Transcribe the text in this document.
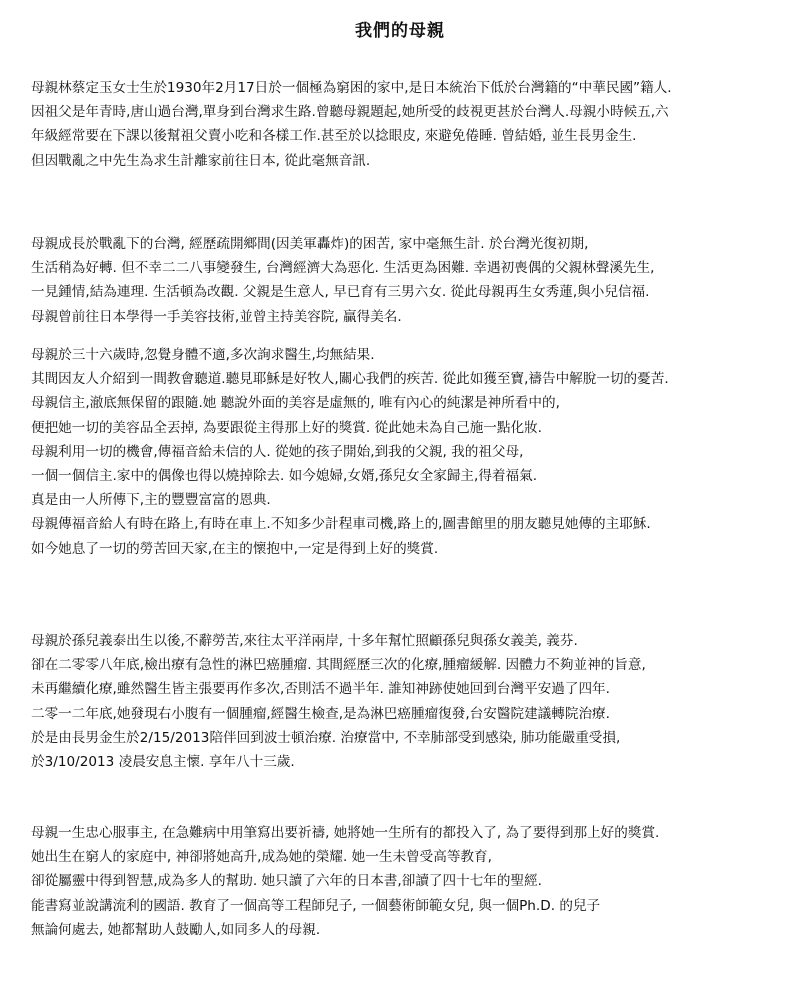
我們的母親
母親林蔡定玉女士生於1930年2月17日於一個極為窮困的家中,是日本統治下低於台灣籍的“中華民國”籍人.
因祖父是年青時,唐山過台灣,單身到台灣求生路.曾聽母親題起,她所受的歧視更甚於台灣人.母親小時候五,六
年級經常要在下課以後幫祖父賣小吃和各樣工作.甚至於以捻眼皮, 來避免倦睡. 曾結婚, 並生長男金生.
但因戰亂之中先生為求生計離家前往日本, 從此毫無音訊.
母親成長於戰亂下的台灣, 經歷疏開鄉間(因美軍轟炸)的困苦, 家中毫無生計. 於台灣光復初期,
生活稍為好轉. 但不幸二二八事變發生, 台灣經濟大為惡化. 生活更為困難. 幸遇初喪偶的父親林聲溪先生,
一見鍾情,結為連理. 生活頓為改觀. 父親是生意人, 早已育有三男六女. 從此母親再生女秀蓮,與小兒信福.
母親曾前往日本學得一手美容技術,並曾主持美容院, 贏得美名.
母親於三十六歲時,忽覺身體不適,多次詢求醫生,均無結果.
其間因友人介紹到一間教會聽道.聽見耶穌是好牧人,關心我們的疾苦. 從此如獲至寶,禱告中解脫一切的憂苦.
母親信主,澈底無保留的跟隨.她 聽說外面的美容是虛無的, 唯有內心的純潔是神所看中的,
便把她一切的美容品全丟掉, 為要跟從主得那上好的獎賞. 從此她未為自己施一點化妝.
母親利用一切的機會,傳福音給未信的人. 從她的孩子開始,到我的父親, 我的祖父母,
一個一個信主.家中的偶像也得以燒掉除去. 如今媳婦,女婿,孫兒女全家歸主,得着福氣.
真是由一人所傳下,主的豐豐富富的恩典.
母親傳福音給人有時在路上,有時在車上.不知多少計程車司機,路上的,圖書館里的朋友聽見她傳的主耶穌.
如今她息了一切的勞苦回天家,在主的懷抱中,一定是得到上好的獎賞.
母親於孫兒義泰出生以後,不辭勞苦,來往太平洋兩岸, 十多年幫忙照顧孫兒與孫女義美, 義芬.
卻在二零零八年底,檢出療有急性的淋巴癌腫瘤. 其間經歷三次的化療,腫瘤緩解. 因體力不夠並神的旨意,
未再繼續化療,雖然醫生皆主張要再作多次,否則活不過半年. 誰知神跡使她回到台灣平安過了四年.
二零一二年底,她發現右小腹有一個腫瘤,經醫生檢查,是為淋巴癌腫瘤復發,台安醫院建議轉院治療.
於是由長男金生於2/15/2013陪伴回到波士頓治療. 治療當中, 不幸肺部受到感染, 肺功能嚴重受損,
於3/10/2013 凌晨安息主懷. 享年八十三歲.
母親一生忠心服事主, 在急難病中用筆寫出要祈禱, 她將她一生所有的都投入了, 為了要得到那上好的獎賞.
她出生在窮人的家庭中, 神卻將她高升,成為她的榮耀. 她一生未曾受高等教育,
卻從屬靈中得到智慧,成為多人的幫助. 她只讀了六年的日本書,卻讀了四十七年的聖經.
能書寫並說講流利的國語. 教育了一個高等工程師兒子, 一個藝術師範女兒, 與一個Ph.D. 的兒子
無論何處去, 她都幫助人鼓勵人,如同多人的母親.
